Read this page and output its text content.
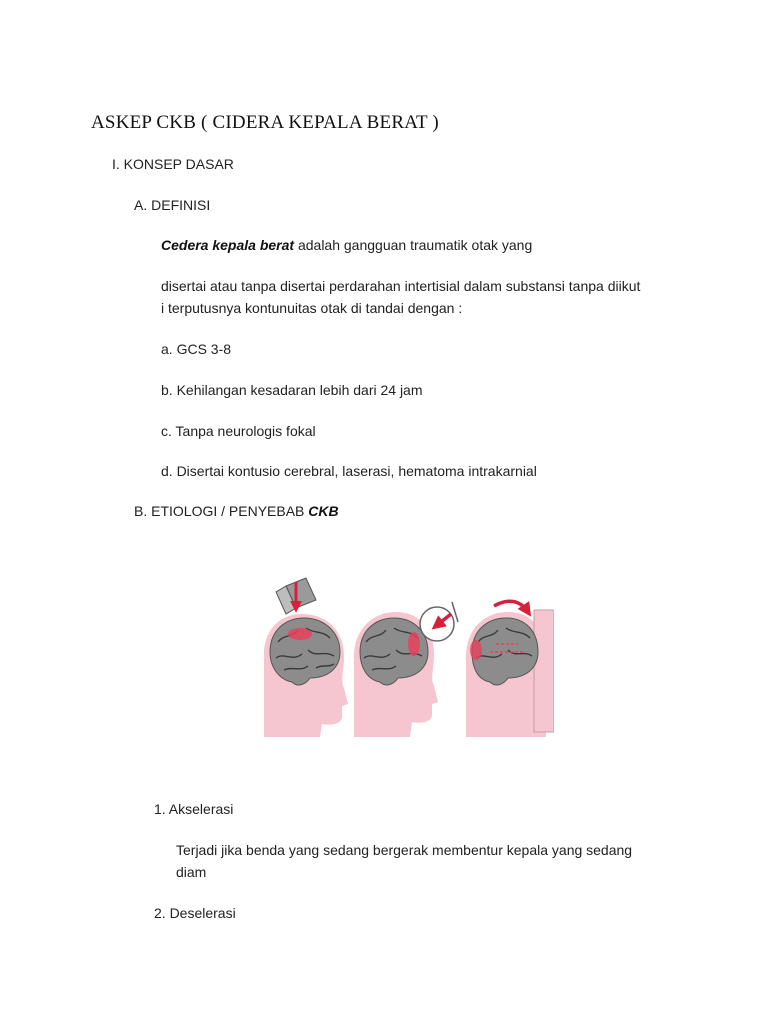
ASKEP CKB ( CIDERA KEPALA BERAT )
I. KONSEP DASAR
A. DEFINISI
Cedera kepala berat adalah gangguan traumatik otak yang
disertai atau tanpa disertai perdarahan intertisial dalam substansi tanpa diikut
i terputusnya kontunuitas otak di tandai dengan :
a. GCS 3-8
b. Kehilangan kesadaran lebih dari 24 jam
c. Tanpa neurologis fokal
d. Disertai kontusio cerebral, laserasi, hematoma intrakarnial
B. ETIOLOGI / PENYEBAB CKB
1. Akselerasi
Terjadi jika benda yang sedang bergerak membentur kepala yang sedang
diam
2. Deselerasi
